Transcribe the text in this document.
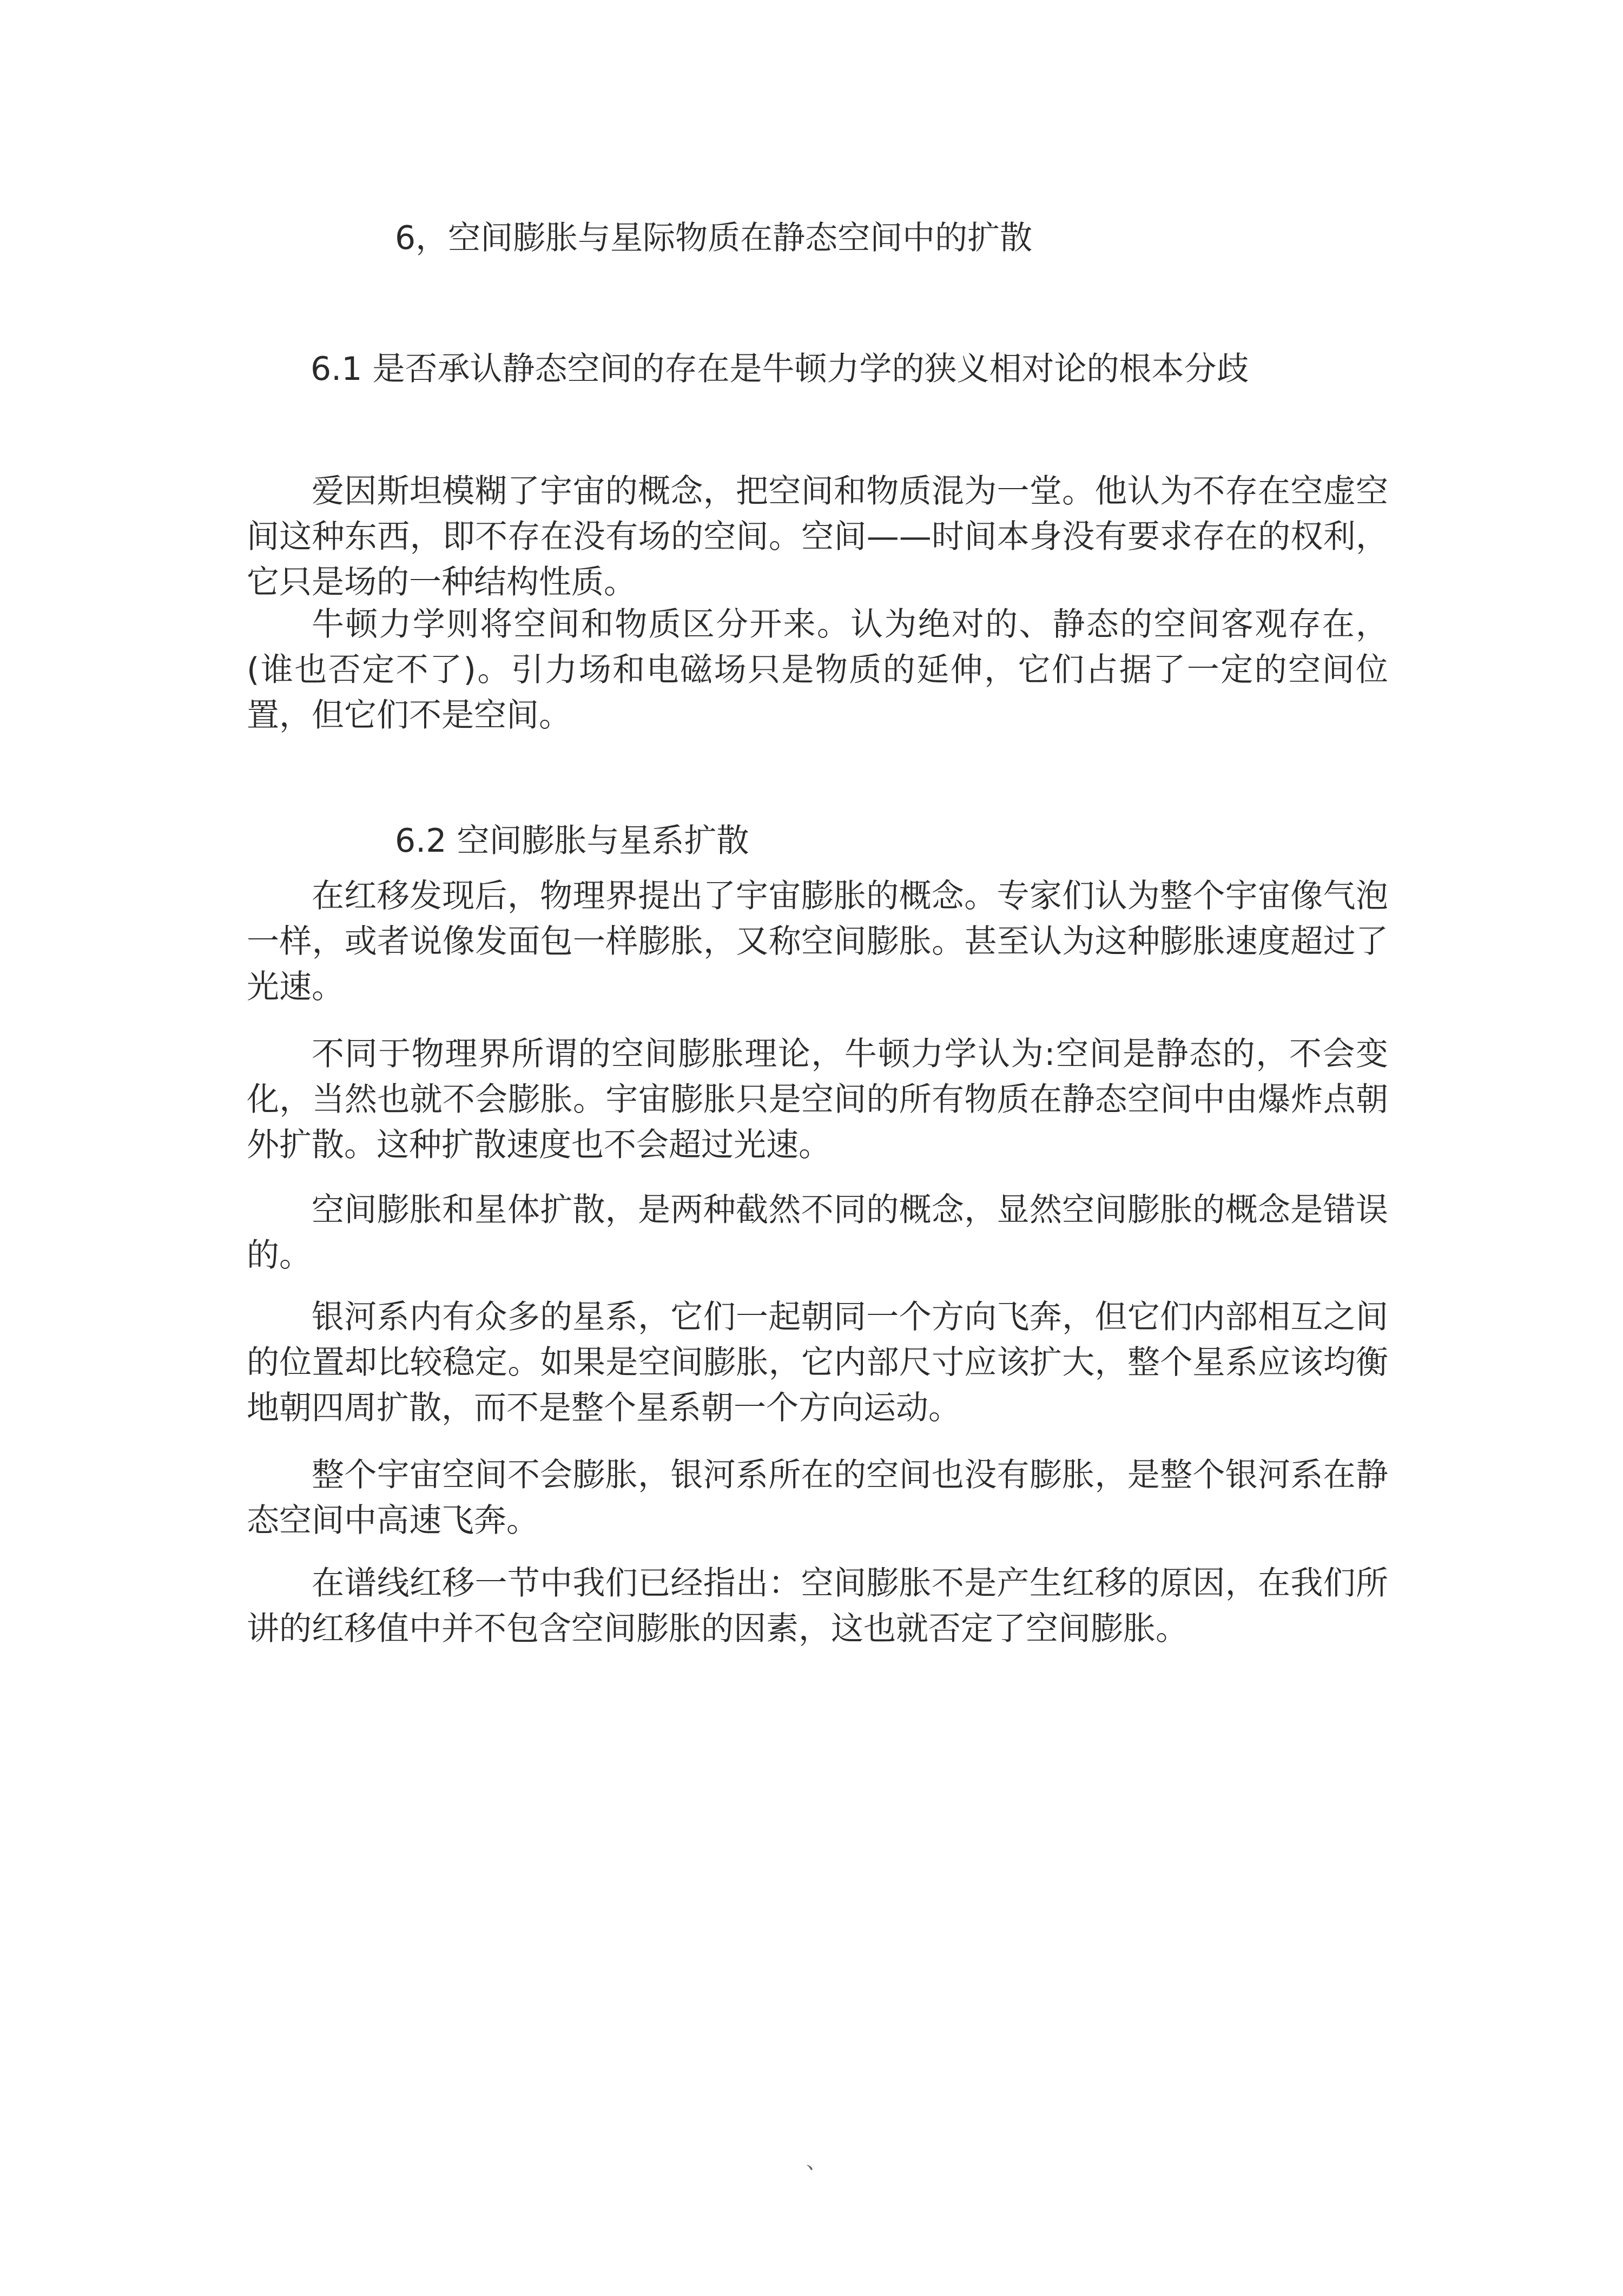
6，空间膨胀与星际物质在静态空间中的扩散
6.1 是否承认静态空间的存在是牛顿力学的狭义相对论的根本分歧

爱因斯坦模糊了宇宙的概念，把空间和物质混为一堂。他认为不存在空虚空间这种东西，即不存在没有场的空间。空间——时间本身没有要求存在的权利，它只是场的一种结构性质。

牛顿力学则将空间和物质区分开来。认为绝对的、静态的空间客观存在，(谁也否定不了)。引力场和电磁场只是物质的延伸，它们占据了一定的空间位置，但它们不是空间。

6.2 空间膨胀与星系扩散

在红移发现后，物理界提出了宇宙膨胀的概念。专家们认为整个宇宙像气泡一样，或者说像发面包一样膨胀，又称空间膨胀。甚至认为这种膨胀速度超过了光速。

不同于物理界所谓的空间膨胀理论，牛顿力学认为:空间是静态的，不会变化，当然也就不会膨胀。宇宙膨胀只是空间的所有物质在静态空间中由爆炸点朝外扩散。这种扩散速度也不会超过光速。

空间膨胀和星体扩散，是两种截然不同的概念，显然空间膨胀的概念是错误的。

银河系内有众多的星系，它们一起朝同一个方向飞奔，但它们内部相互之间的位置却比较稳定。如果是空间膨胀，它内部尺寸应该扩大，整个星系应该均衡地朝四周扩散，而不是整个星系朝一个方向运动。

整个宇宙空间不会膨胀，银河系所在的空间也没有膨胀，是整个银河系在静态空间中高速飞奔。

在谱线红移一节中我们已经指出：空间膨胀不是产生红移的原因，在我们所讲的红移值中并不包含空间膨胀的因素，这也就否定了空间膨胀。

、
